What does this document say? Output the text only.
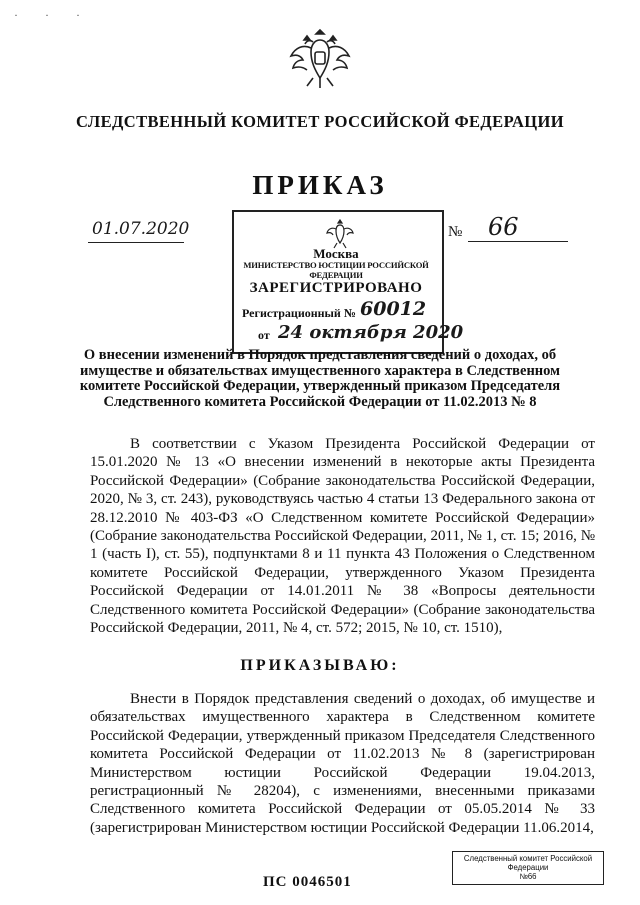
· · ·
СЛЕДСТВЕННЫЙ КОМИТЕТ РОССИЙСКОЙ ФЕДЕРАЦИИ
ПРИКАЗ
01.07.2020	№ 66
Москва
МИНИСТЕРСТВО ЮСТИЦИИ РОССИЙСКОЙ ФЕДЕРАЦИИ
ЗАРЕГИСТРИРОВАНО
Регистрационный № 60012
от 24 октября 2020
О внесении изменений в Порядок представления сведений о доходах, об имуществе и обязательствах имущественного характера в Следственном комитете Российской Федерации, утвержденный приказом Председателя Следственного комитета Российской Федерации от 11.02.2013 № 8
В соответствии с Указом Президента Российской Федерации от 15.01.2020 № 13 «О внесении изменений в некоторые акты Президента Российской Федерации» (Собрание законодательства Российской Федерации, 2020, № 3, ст. 243), руководствуясь частью 4 статьи 13 Федерального закона от 28.12.2010 № 403-ФЗ «О Следственном комитете Российской Федерации» (Собрание законодательства Российской Федерации, 2011, № 1, ст. 15; 2016, № 1 (часть I), ст. 55), подпунктами 8 и 11 пункта 43 Положения о Следственном комитете Российской Федерации, утвержденного Указом Президента Российской Федерации от 14.01.2011 № 38 «Вопросы деятельности Следственного комитета Российской Федерации» (Собрание законодательства Российской Федерации, 2011, № 4, ст. 572; 2015, № 10, ст. 1510),
ПРИКАЗЫВАЮ:
Внести в Порядок представления сведений о доходах, об имуществе и обязательствах имущественного характера в Следственном комитете Российской Федерации, утвержденный приказом Председателя Следственного комитета Российской Федерации от 11.02.2013 № 8 (зарегистрирован Министерством юстиции Российской Федерации 19.04.2013, регистрационный № 28204), с изменениями, внесенными приказами Следственного комитета Российской Федерации от 05.05.2014 № 33 (зарегистрирован Министерством юстиции Российской Федерации 11.06.2014,
ПС 0046501
Следственный комитет Российской
Федерации
№66
